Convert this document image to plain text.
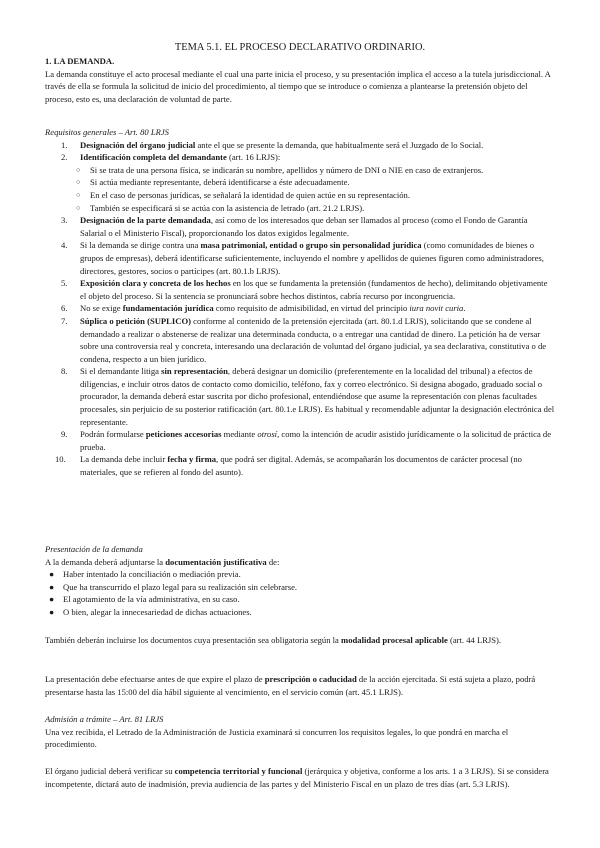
TEMA 5.1. EL PROCESO DECLARATIVO ORDINARIO.

1. LA DEMANDA.

La demanda constituye el acto procesal mediante el cual una parte inicia el proceso, y su presentación implica el acceso a la tutela jurisdiccional. A través de ella se formula la solicitud de inicio del procedimiento, al tiempo que se introduce o comienza a plantearse la pretensión objeto del proceso, esto es, una declaración de voluntad de parte.

Requisitos generales – Art. 80 LRJS

1. Designación del órgano judicial ante el que se presente la demanda, que habitualmente será el Juzgado de lo Social.
2. Identificación completa del demandante (art. 16 LRJS):
○ Si se trata de una persona física, se indicarán su nombre, apellidos y número de DNI o NIE en caso de extranjeros.
○ Si actúa mediante representante, deberá identificarse a éste adecuadamente.
○ En el caso de personas jurídicas, se señalará la identidad de quien actúe en su representación.
○ También se especificará si se actúa con la asistencia de letrado (art. 21.2 LRJS).
3. Designación de la parte demandada, así como de los interesados que deban ser llamados al proceso (como el Fondo de Garantía Salarial o el Ministerio Fiscal), proporcionando los datos exigidos legalmente.
4. Si la demanda se dirige contra una masa patrimonial, entidad o grupo sin personalidad jurídica (como comunidades de bienes o grupos de empresas), deberá identificarse suficientemente, incluyendo el nombre y apellidos de quienes figuren como administradores, directores, gestores, socios o partícipes (art. 80.1.b LRJS).
5. Exposición clara y concreta de los hechos en los que se fundamenta la pretensión (fundamentos de hecho), delimitando objetivamente el objeto del proceso. Si la sentencia se pronunciará sobre hechos distintos, cabría recurso por incongruencia.
6. No se exige fundamentación jurídica como requisito de admisibilidad, en virtud del principio iura novit curia.
7. Súplica o petición (SUPLICO) conforme al contenido de la pretensión ejercitada (art. 80.1.d LRJS), solicitando que se condene al demandado a realizar o abstenerse de realizar una determinada conducta, o a entregar una cantidad de dinero. La petición ha de versar sobre una controversia real y concreta, interesando una declaración de voluntad del órgano judicial, ya sea declarativa, constitutiva o de condena, respecto a un bien jurídico.
8. Si el demandante litiga sin representación, deberá designar un domicilio (preferentemente en la localidad del tribunal) a efectos de diligencias, e incluir otros datos de contacto como domicilio, teléfono, fax y correo electrónico. Si designa abogado, graduado social o procurador, la demanda deberá estar suscrita por dicho profesional, entendiéndose que asume la representación con plenas facultades procesales, sin perjuicio de su posterior ratificación (art. 80.1.e LRJS). Es habitual y recomendable adjuntar la designación electrónica del representante.
9. Podrán formularse peticiones accesorias mediante otrosí, como la intención de acudir asistido jurídicamente o la solicitud de práctica de prueba.
10. La demanda debe incluir fecha y firma, que podrá ser digital. Además, se acompañarán los documentos de carácter procesal (no materiales, que se refieren al fondo del asunto).

Presentación de la demanda

A la demanda deberá adjuntarse la documentación justificativa de:

● Haber intentado la conciliación o mediación previa.
● Que ha transcurrido el plazo legal para su realización sin celebrarse.
● El agotamiento de la vía administrativa, en su caso.
● O bien, alegar la innecesariedad de dichas actuaciones.

También deberán incluirse los documentos cuya presentación sea obligatoria según la modalidad procesal aplicable (art. 44 LRJS).

La presentación debe efectuarse antes de que expire el plazo de prescripción o caducidad de la acción ejercitada. Si está sujeta a plazo, podrá presentarse hasta las 15:00 del día hábil siguiente al vencimiento, en el servicio común (art. 45.1 LRJS).

Admisión a trámite – Art. 81 LRJS

Una vez recibida, el Letrado de la Administración de Justicia examinará si concurren los requisitos legales, lo que pondrá en marcha el procedimiento.

El órgano judicial deberá verificar su competencia territorial y funcional (jerárquica y objetiva, conforme a los arts. 1 a 3 LRJS). Si se considera incompetente, dictará auto de inadmisión, previa audiencia de las partes y del Ministerio Fiscal en un plazo de tres días (art. 5.3 LRJS).
